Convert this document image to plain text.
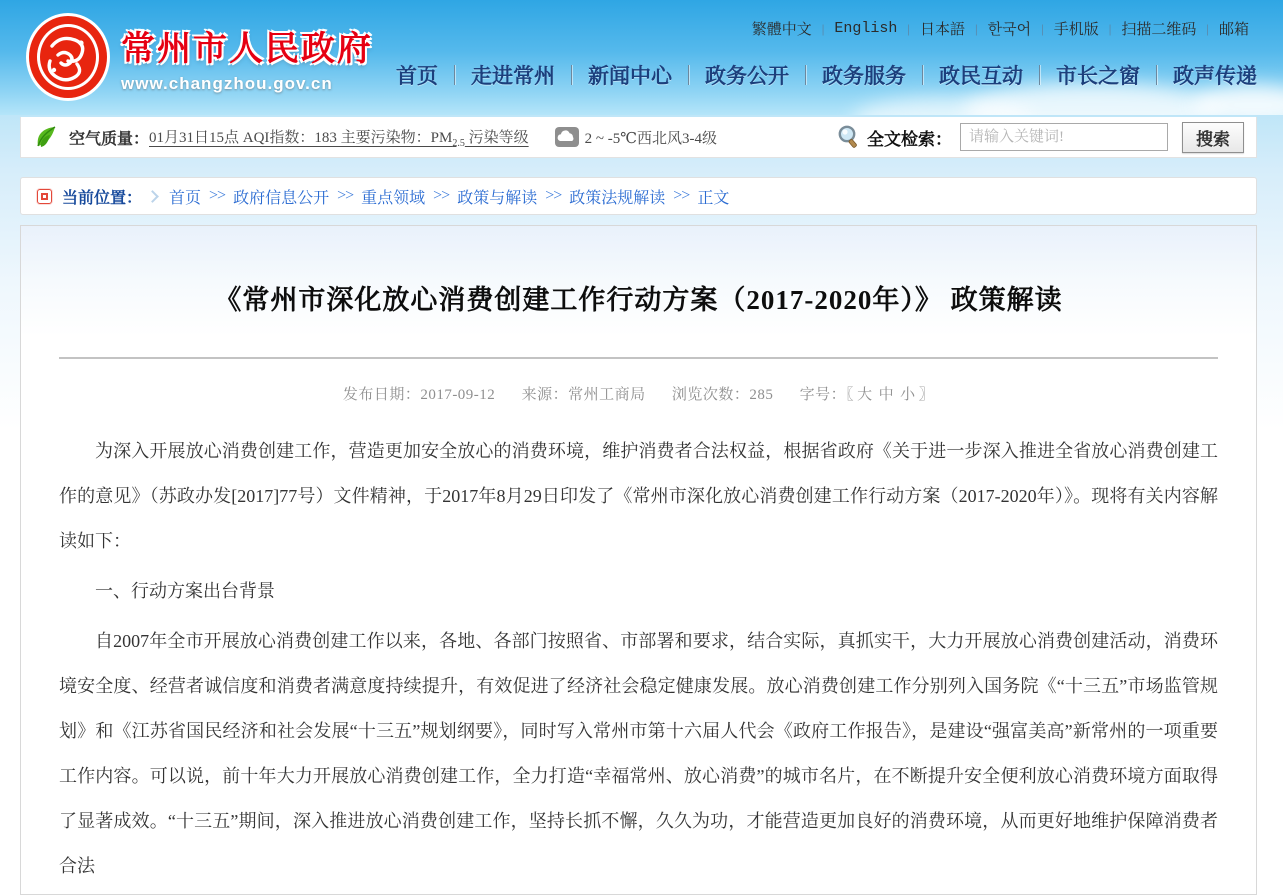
常州市人民政府
www.changzhou.gov.cn
繁體中文 | English | 日本語 | 한국어 | 手机版 | 扫描二维码 | 邮箱
首页 走进常州 新闻中心 政务公开 政务服务 政民互动 市长之窗 政声传递
空气质量： 01月31日15点 AQI指数：183 主要污染物：$PM_{2.5}$ 污染等级	2 ~ -5℃西北风3-4级	全文检索：
请输入关键词!	搜索
当前位置： 首页 >> 政府信息公开 >> 重点领域 >> 政策与解读 >> 政策法规解读 >> 正文
《常州市深化放心消费创建工作行动方案（2017-2020年）》 政策解读
发布日期：2017-09-12 来源：常州工商局 浏览次数：285 字号：〖 大 中 小 〗

为深入开展放心消费创建工作，营造更加安全放心的消费环境，维护消费者合法权益，根据省政府《关于进一步深入推进全省放心消费创建工作的意见》（苏政办发[2017]77号）文件精神，于2017年8月29日印发了《常州市深化放心消费创建工作行动方案（2017-2020年）》。现将有关内容解读如下：

一、行动方案出台背景

自2007年全市开展放心消费创建工作以来，各地、各部门按照省、市部署和要求，结合实际，真抓实干，大力开展放心消费创建活动，消费环境安全度、经营者诚信度和消费者满意度持续提升，有效促进了经济社会稳定健康发展。放心消费创建工作分别列入国务院《“十三五”市场监管规划》和《江苏省国民经济和社会发展“十三五”规划纲要》，同时写入常州市第十六届人代会《政府工作报告》，是建设“强富美高”新常州的一项重要工作内容。可以说，前十年大力开展放心消费创建工作，全力打造“幸福常州、放心消费”的城市名片，在不断提升安全便利放心消费环境方面取得了显著成效。“十三五”期间，深入推进放心消费创建工作，坚持长抓不懈，久久为功，才能营造更加良好的消费环境，从而更好地维护保障消费者合法
